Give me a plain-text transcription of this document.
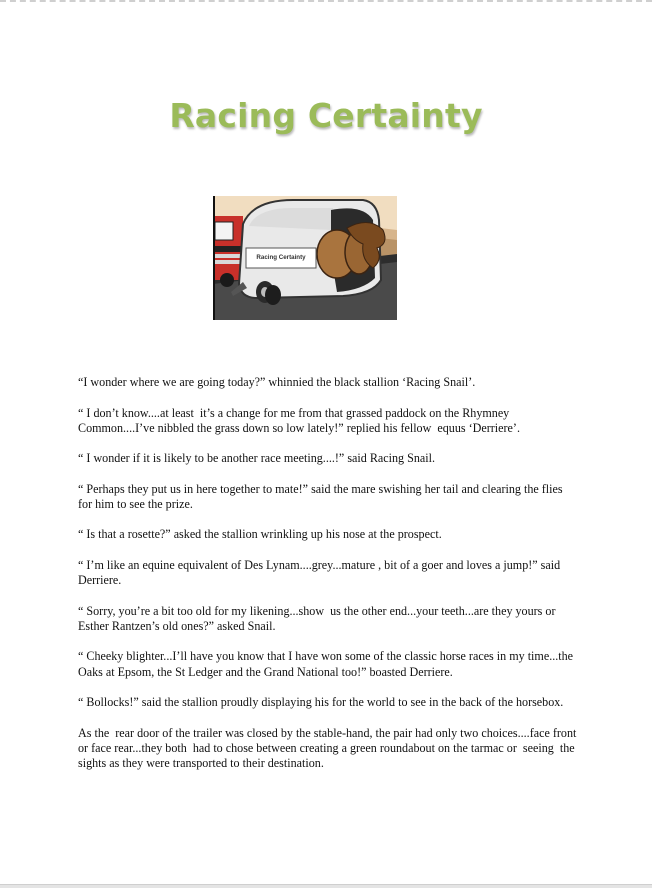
Racing Certainty
Racing Certainty

“I wonder where we are going today?” whinnied the black stallion ‘Racing Snail’.

“ I don’t know....at least  it’s a change for me from that grassed paddock on the Rhymney Common....I’ve nibbled the grass down so low lately!” replied his fellow  equus ‘Derriere’.

“ I wonder if it is likely to be another race meeting....!” said Racing Snail.

“ Perhaps they put us in here together to mate!” said the mare swishing her tail and clearing the flies for him to see the prize.

“ Is that a rosette?” asked the stallion wrinkling up his nose at the prospect.

“ I’m like an equine equivalent of Des Lynam....grey...mature , bit of a goer and loves a jump!” said Derriere.

“ Sorry, you’re a bit too old for my likening...show  us the other end...your teeth...are they yours or Esther Rantzen’s old ones?” asked Snail.

“ Cheeky blighter...I’ll have you know that I have won some of the classic horse races in my time...the Oaks at Epsom, the St Ledger and the Grand National too!” boasted Derriere.

“ Bollocks!” said the stallion proudly displaying his for the world to see in the back of the horsebox.

As the  rear door of the trailer was closed by the stable-hand, the pair had only two choices....face front or face rear...they both  had to chose between creating a green roundabout on the tarmac or  seeing  the sights as they were transported to their destination.
